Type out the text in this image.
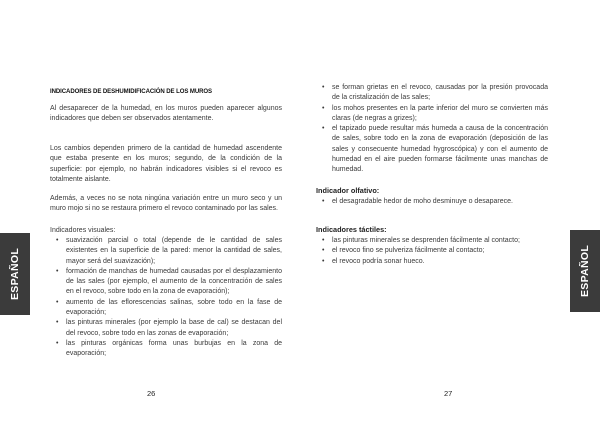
ESPAÑOL	ESPAÑOL
INDICADORES DE DESHUMIDIFICACIÓN DE LOS MUROS

Al desaparecer de la humedad, en los muros pueden aparecer algunos indicadores que deben ser observados atentamente.

Los cambios dependen primero de la cantidad de humedad ascendente que estaba presente en los muros; segundo, de la condición de la superficie: por ejemplo, no habrán indicadores visibles si el revoco es totalmente aislante.

Además, a veces no se nota ningúna variación entre un muro seco y un muro mojo si no se restaura primero el revoco contaminado por las sales.

Indicadores visuales:

• suavización parcial o total (depende de le cantidad de sales existentes en la superficie de la pared: menor la cantidad de sales, mayor será del suavización);
• formación de manchas de humedad causadas por el desplazamiento de las sales (por ejemplo, el aumento de la concentración de sales en el revoco, sobre todo en la zona de evaporación);
• aumento de las eflorescencias salinas, sobre todo en la fase de evaporación;
• las pinturas minerales (por ejemplo la base de cal) se destacan del del revoco, sobre todo en las zonas de evaporación;
• las pinturas orgánicas forma unas burbujas en la zona de evaporación;
26
• se forman grietas en el revoco, causadas por la presión provocada de la cristalización de las sales;
• los mohos presentes en la parte inferior del muro se convierten más claras (de negras a grizes);
• el tapizado puede resultar más humeda a causa de la concentración de sales, sobre todo en la zona de evaporación (deposición de las sales y consecuente humedad hygroscópica) y con el aumento de humedad en el aire pueden formarse fácilmente unas manchas de humedad.
Indicador olfativo:
• el desagradable hedor de moho desminuye o desaparece.
Indicadores táctiles:
• las pinturas minerales se desprenden fácilmente al contacto;
• el revoco fino se pulveriza fácilmente al contacto;
• el revoco podría sonar hueco.
27
